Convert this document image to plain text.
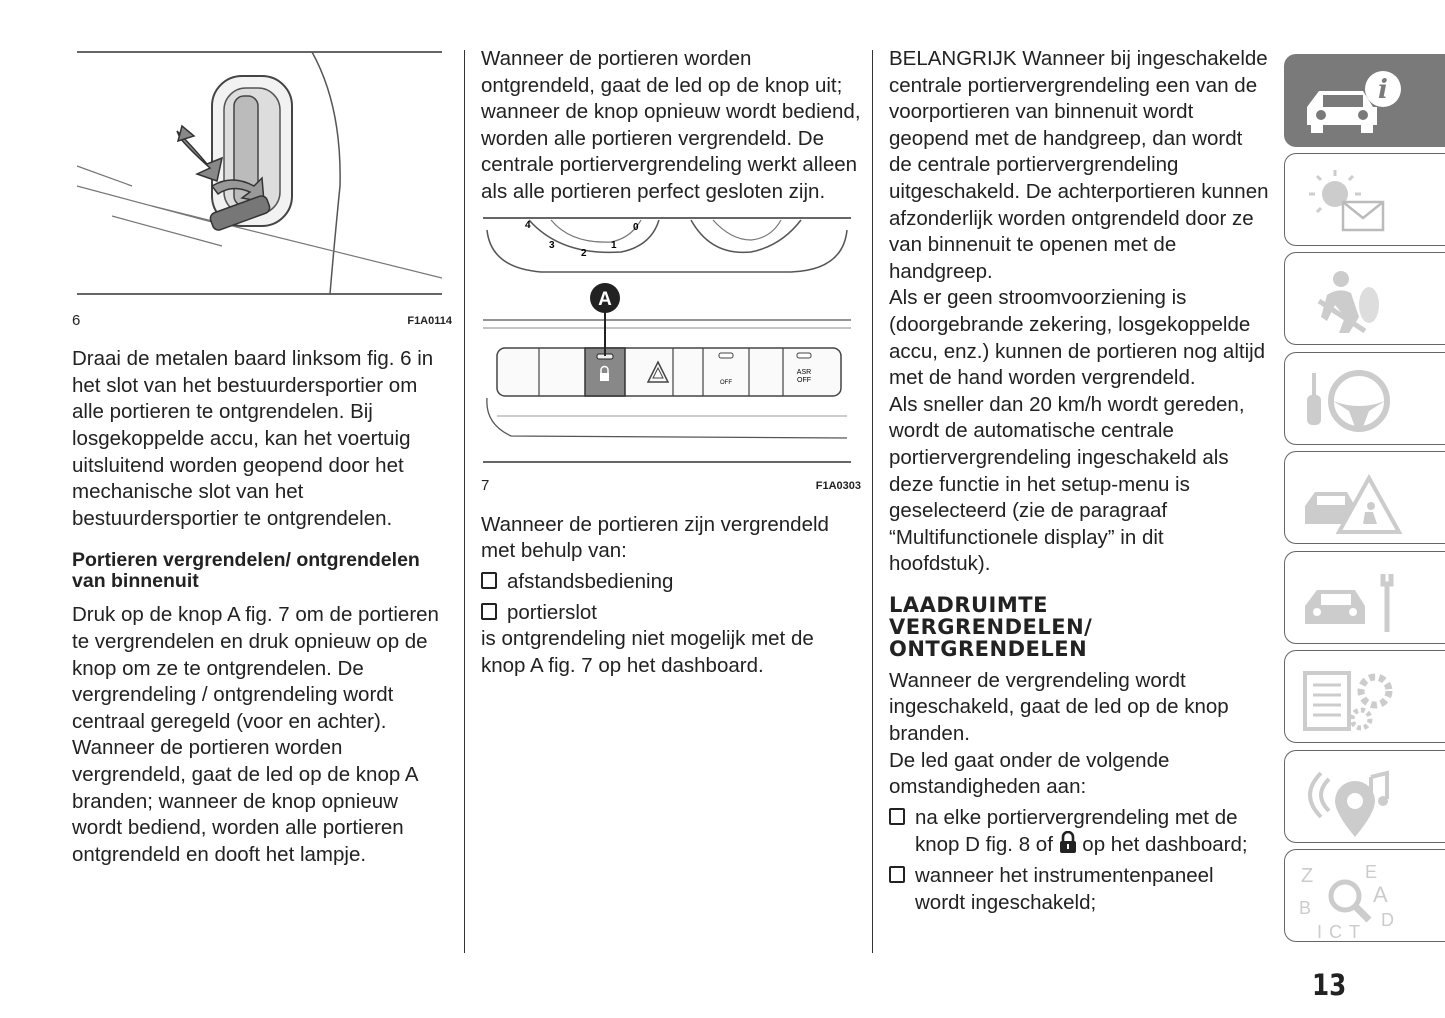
6	F1A0114

Draai de metalen baard linksom fig. 6 in het slot van het bestuurdersportier om alle portieren te ontgrendelen. Bij losgekoppelde accu, kan het voertuig uitsluitend worden geopend door het mechanische slot van het bestuurdersportier te ontgrendelen.

Portieren vergrendelen/ ontgrendelen van binnenuit

Druk op de knop A fig. 7 om de portieren te vergrendelen en druk opnieuw op de knop om ze te ontgrendelen. De vergrendeling / ontgrendeling wordt centraal geregeld (voor en achter).

Wanneer de portieren worden vergrendeld, gaat de led op de knop A branden; wanneer de knop opnieuw wordt bediend, worden alle portieren ontgrendeld en dooft het lampje.

Wanneer de portieren worden ontgrendeld, gaat de led op de knop uit; wanneer de knop opnieuw wordt bediend, worden alle portieren vergrendeld. De centrale portiervergrendeling werkt alleen als alle portieren perfect gesloten zijn.

4	0
3
2
1
OFF
ASR
OFF
A
7	F1A0303

Wanneer de portieren zijn vergrendeld met behulp van:

afstandsbediening

portierslot

is ontgrendeling niet mogelijk met de knop A fig. 7 op het dashboard.

BELANGRIJK Wanneer bij ingeschakelde centrale portiervergrendeling een van de voorportieren van binnenuit wordt geopend met de handgreep, dan wordt de centrale portiervergrendeling uitgeschakeld. De achterportieren kunnen afzonderlijk worden ontgrendeld door ze van binnenuit te openen met de handgreep.

Als er geen stroomvoorziening is (doorgebrande zekering, losgekoppelde accu, enz.) kunnen de portieren nog altijd met de hand worden vergrendeld.

Als sneller dan 20 km/h wordt gereden, wordt de automatische centrale portiervergrendeling ingeschakeld als deze functie in het setup-menu is geselecteerd (zie de paragraaf “Multifunctionele display” in dit hoofdstuk).

LAADRUIMTE
VERGRENDELEN/
ONTGRENDELEN

Wanneer de vergrendeling wordt ingeschakeld, gaat de led op de knop branden.

De led gaat onder de volgende omstandigheden aan:

na elke portiervergrendeling met de knop D fig. 8 of op het dashboard;

wanneer het instrumentenpaneel wordt ingeschakeld;

i
Z	E
A
B
D
C T
I
13
